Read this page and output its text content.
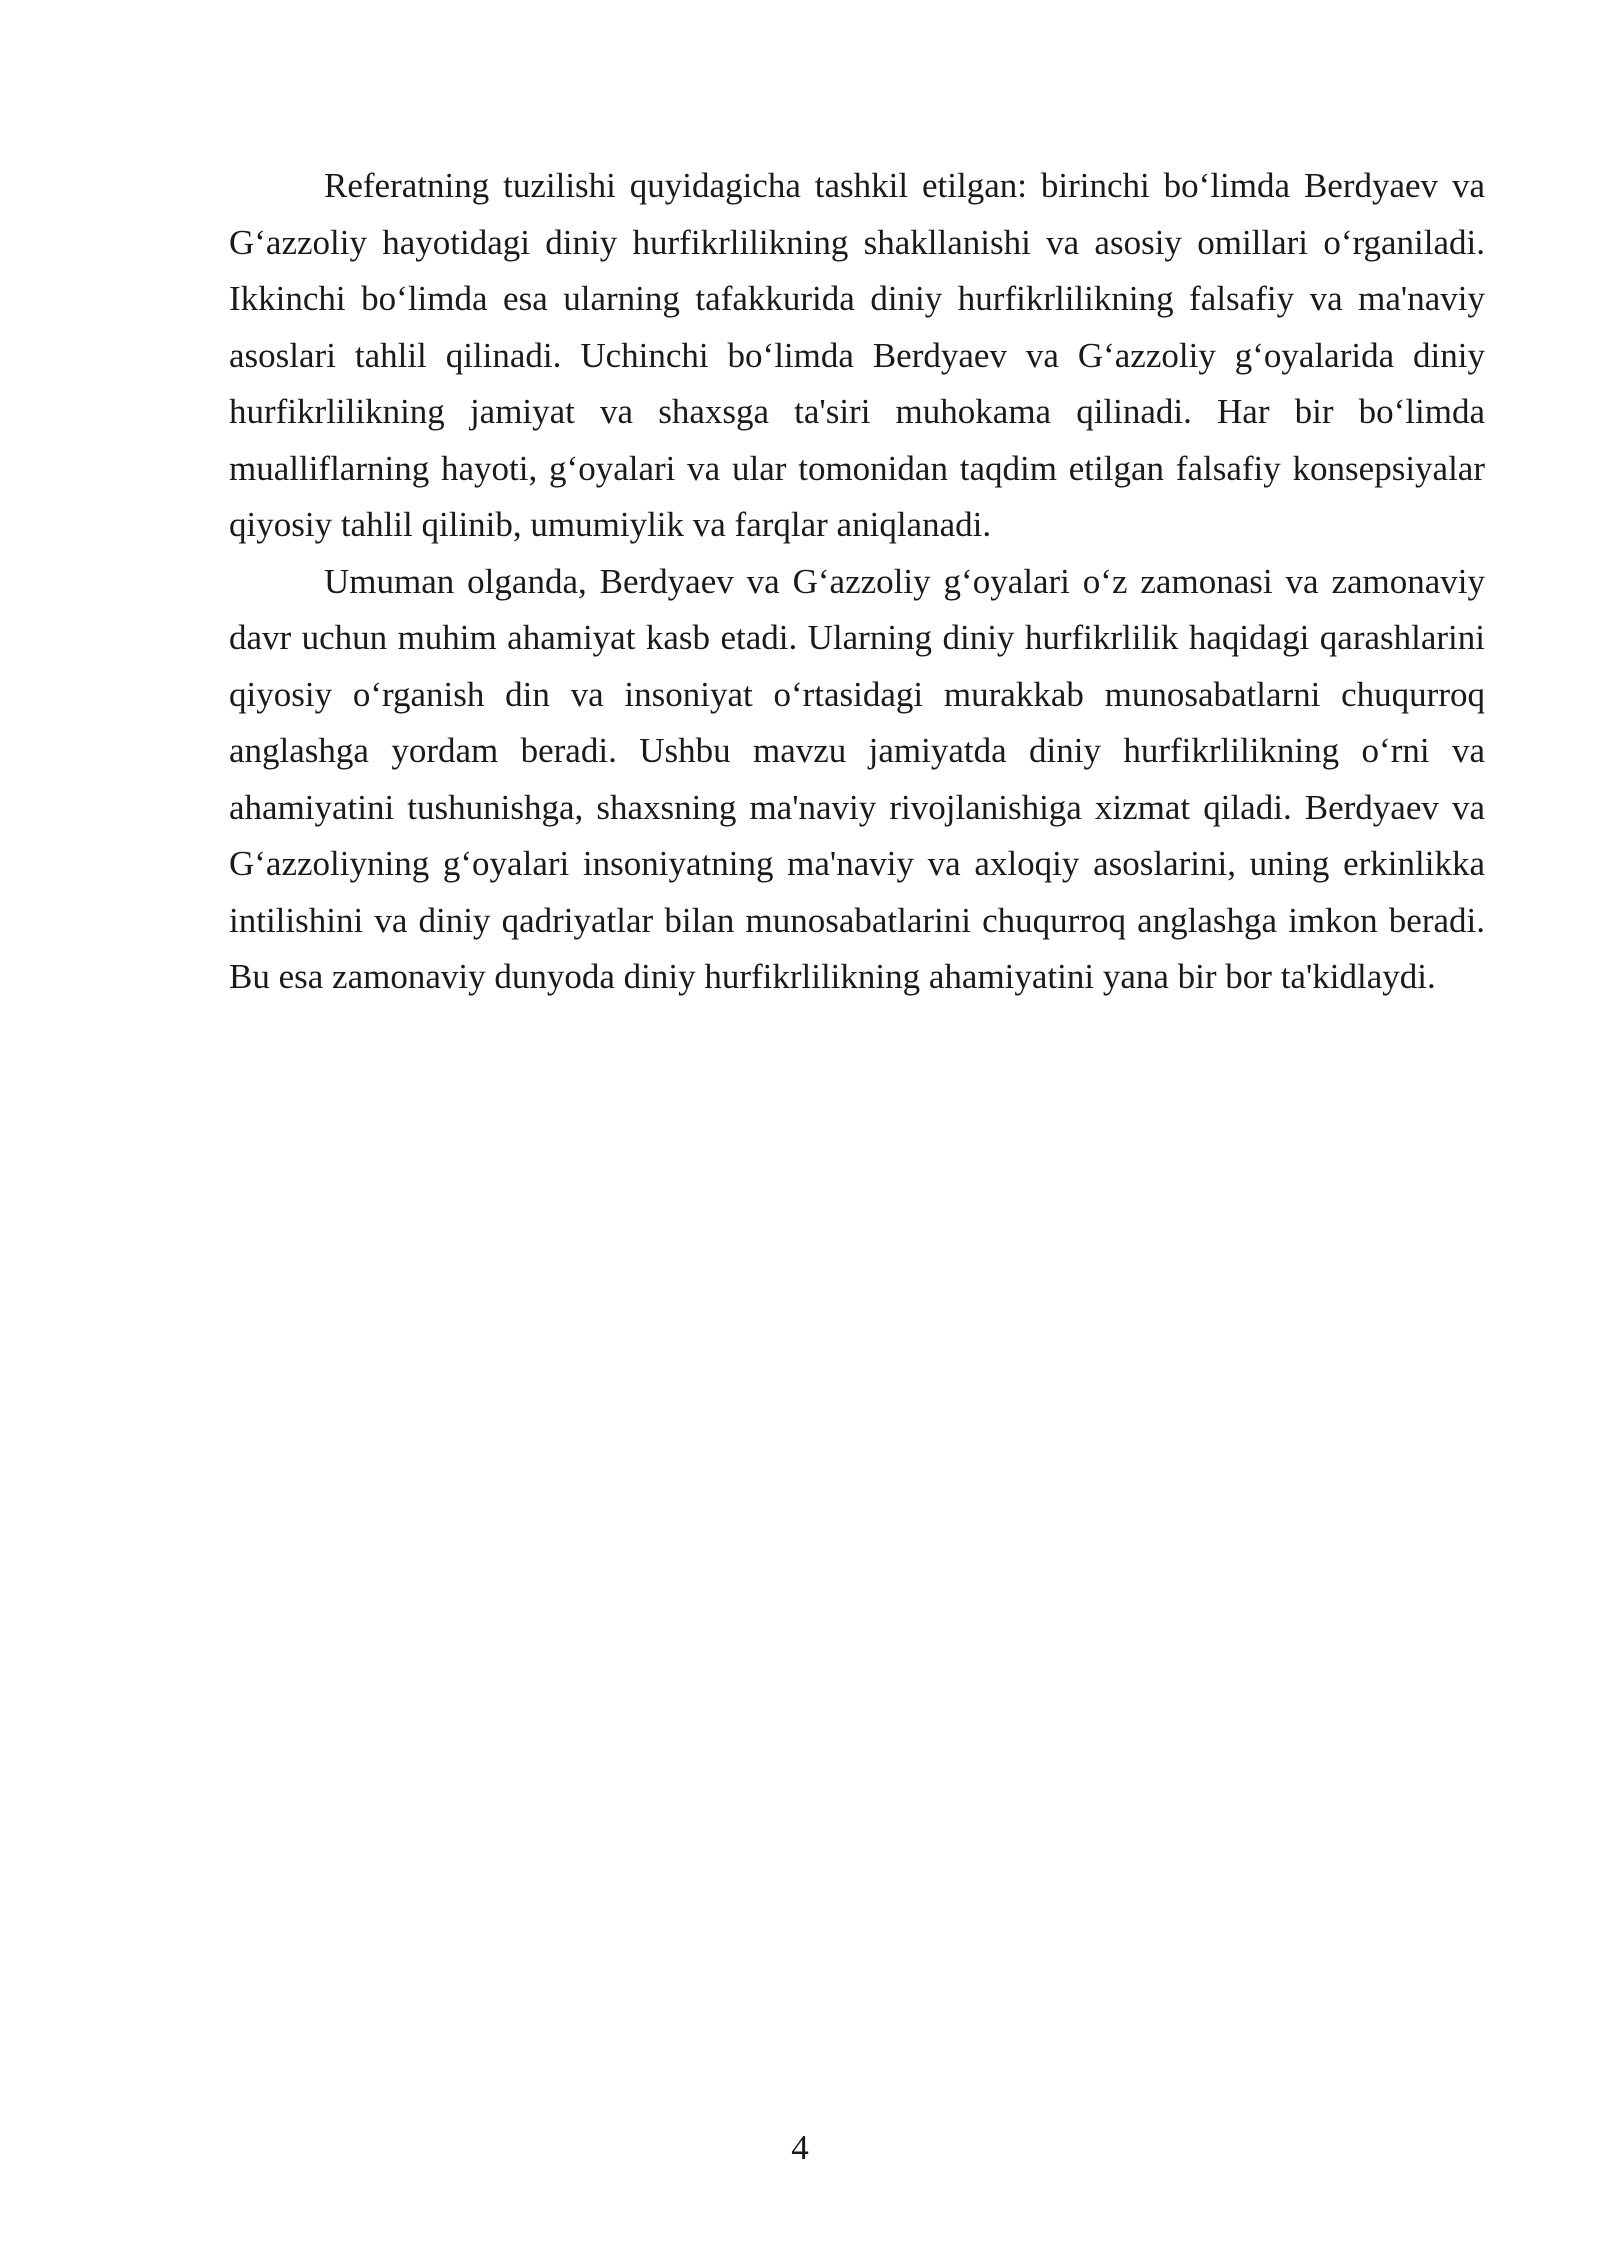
Referatning tuzilishi quyidagicha tashkil etilgan: birinchi bo‘limda Berdyaev va G‘azzoliy hayotidagi diniy hurfikrlilikning shakllanishi va asosiy omillari o‘rganiladi. Ikkinchi bo‘limda esa ularning tafakkurida diniy hurfikrlilikning falsafiy va ma'naviy asoslari tahlil qilinadi. Uchinchi bo‘limda Berdyaev va G‘azzoliy g‘oyalarida diniy hurfikrlilikning jamiyat va shaxsga ta'siri muhokama qilinadi. Har bir bo‘limda mualliflarning hayoti, g‘oyalari va ular tomonidan taqdim etilgan falsafiy konsepsiyalar qiyosiy tahlil qilinib, umumiylik va farqlar aniqlanadi.

Umuman olganda, Berdyaev va G‘azzoliy g‘oyalari o‘z zamonasi va zamonaviy davr uchun muhim ahamiyat kasb etadi. Ularning diniy hurfikrlilik haqidagi qarashlarini qiyosiy o‘rganish din va insoniyat o‘rtasidagi murakkab munosabatlarni chuqurroq anglashga yordam beradi. Ushbu mavzu jamiyatda diniy hurfikrlilikning o‘rni va ahamiyatini tushunishga, shaxsning ma'naviy rivojlanishiga xizmat qiladi. Berdyaev va G‘azzoliyning g‘oyalari insoniyatning ma'naviy va axloqiy asoslarini, uning erkinlikka intilishini va diniy qadriyatlar bilan munosabatlarini chuqurroq anglashga imkon beradi. Bu esa zamonaviy dunyoda diniy hurfikrlilikning ahamiyatini yana bir bor ta'kidlaydi.

4
